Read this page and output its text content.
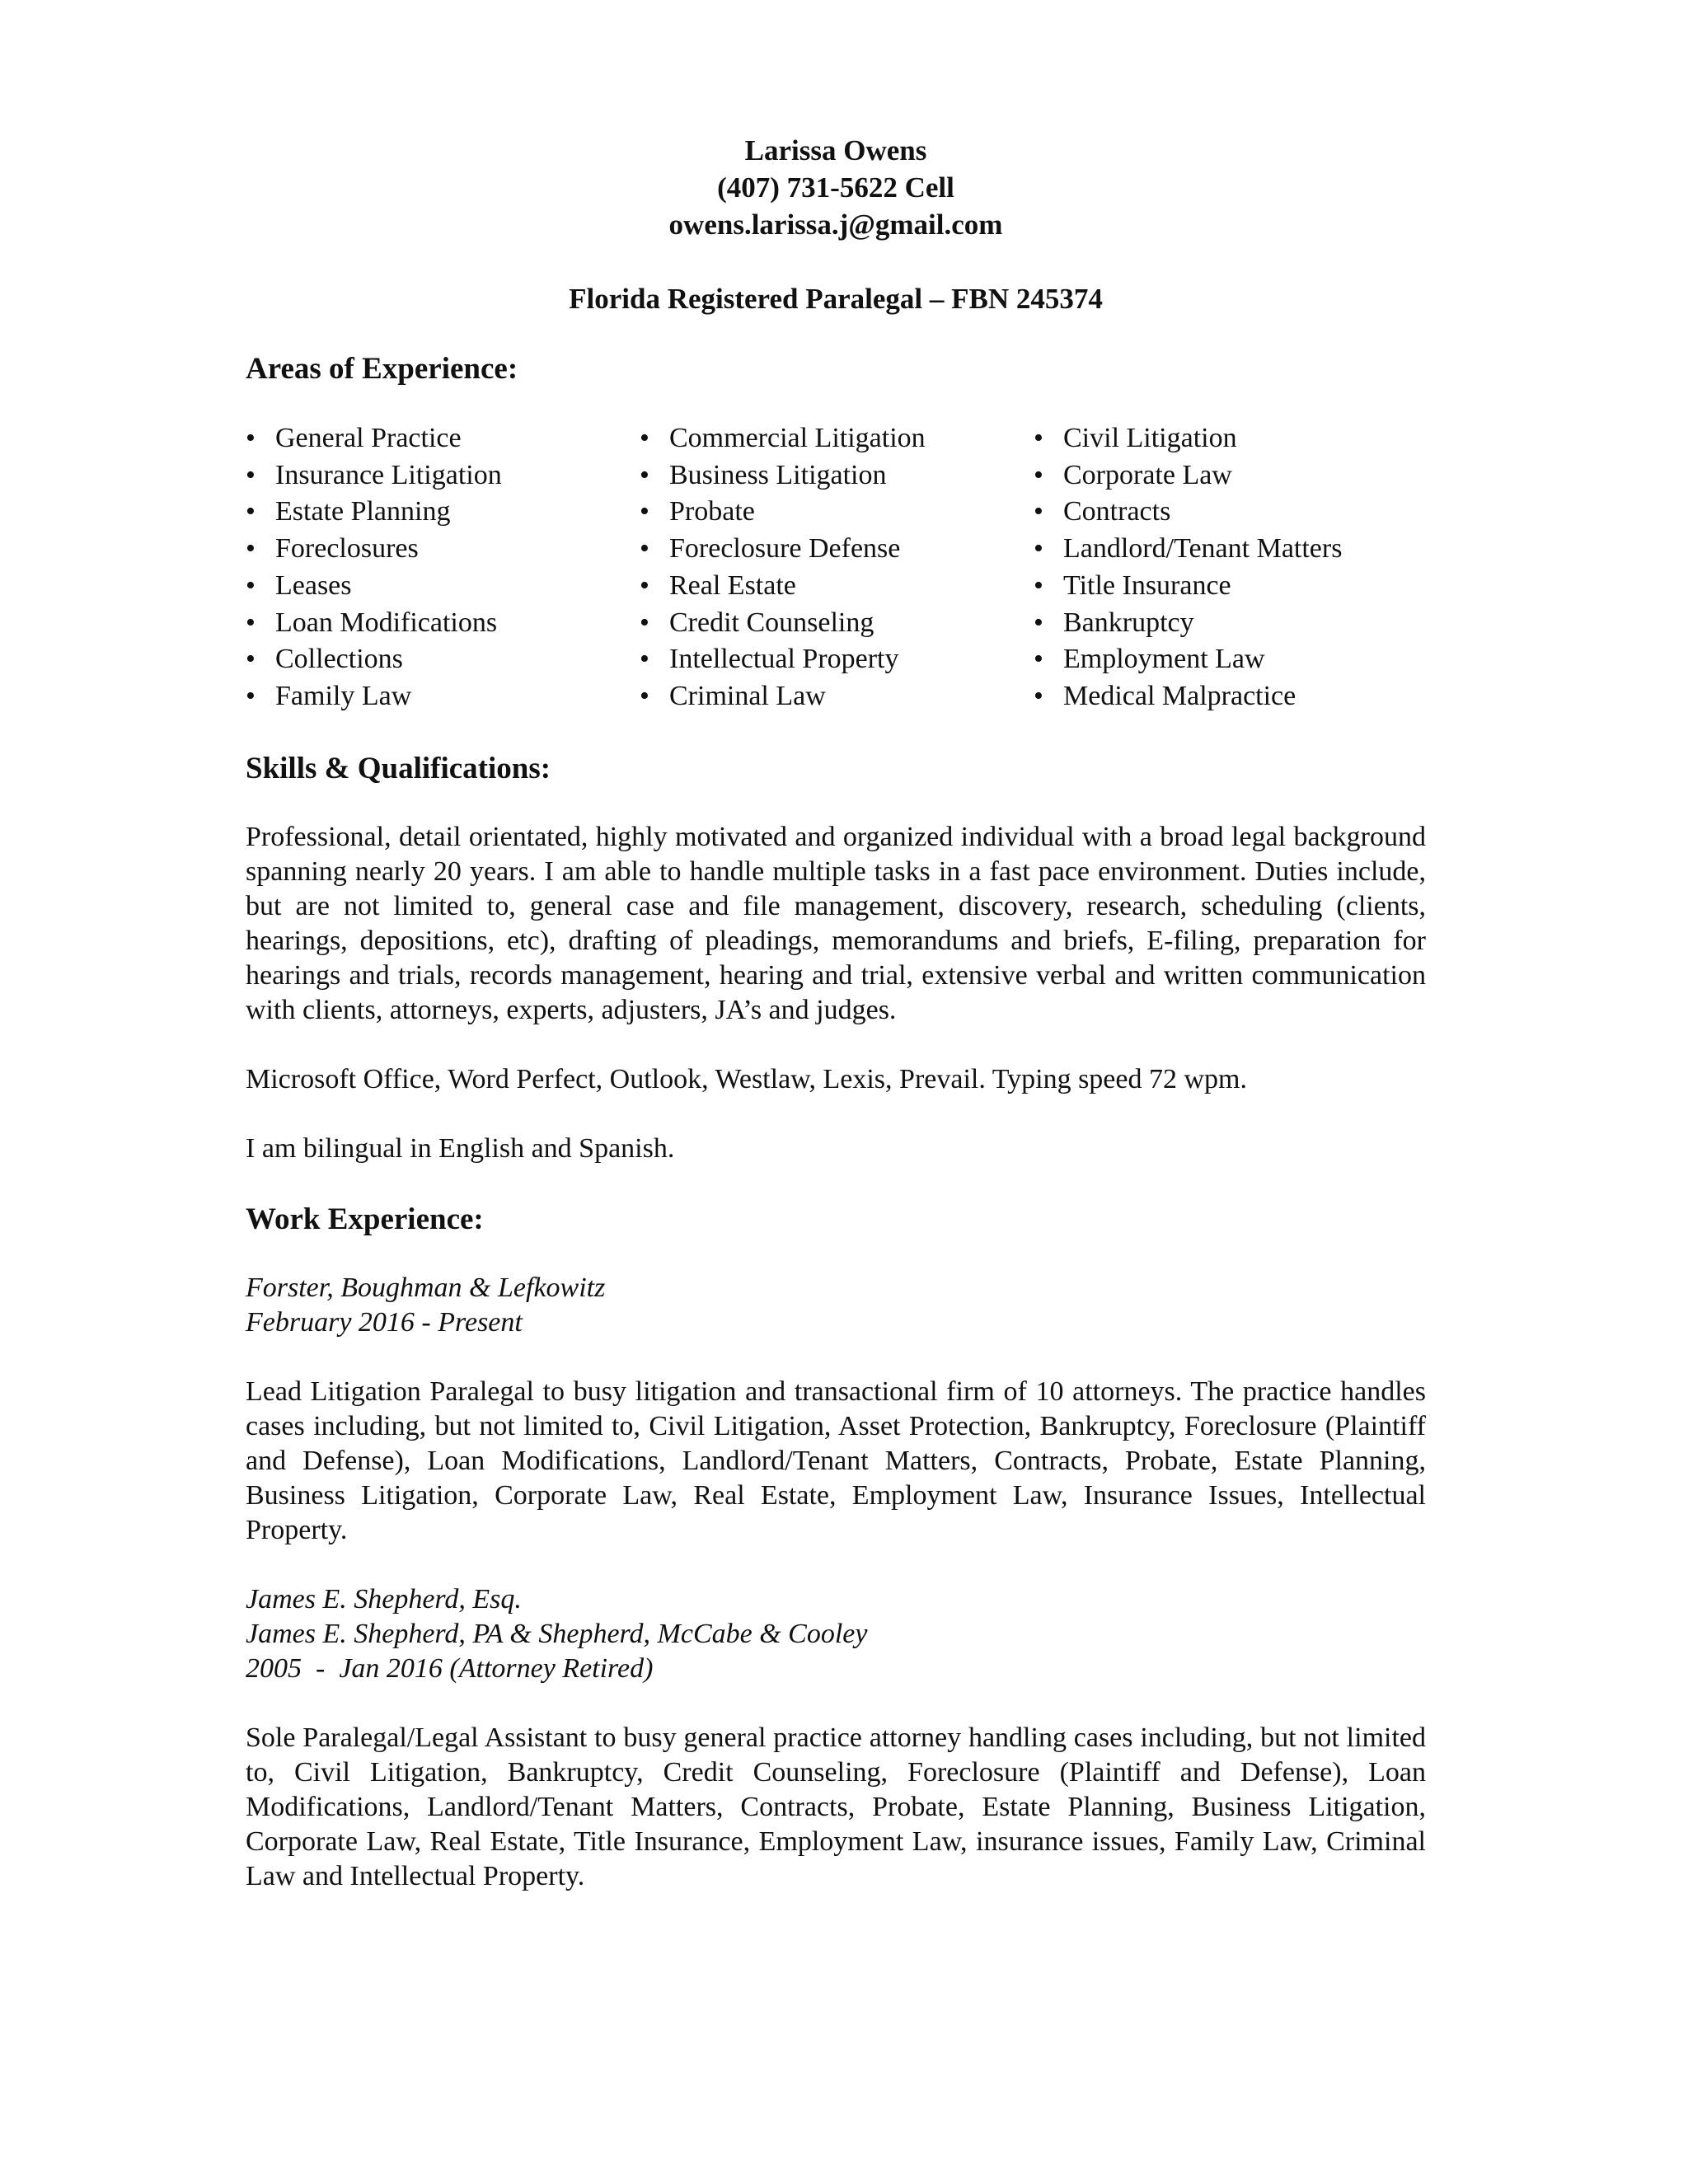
Larissa Owens
(407) 731-5622 Cell
owens.larissa.j@gmail.com
Florida Registered Paralegal – FBN 245374
Areas of Experience:
• General Practice
• Insurance Litigation
• Estate Planning
• Foreclosures
• Leases
• Loan Modifications
• Collections
• Family Law
• Commercial Litigation
• Business Litigation
• Probate
• Foreclosure Defense
• Real Estate
• Credit Counseling
• Intellectual Property
• Criminal Law
• Civil Litigation
• Corporate Law
• Contracts
• Landlord/Tenant Matters
• Title Insurance
• Bankruptcy
• Employment Law
• Medical Malpractice
Skills & Qualifications:

Professional, detail orientated, highly motivated and organized individual with a broad legal background spanning nearly 20 years. I am able to handle multiple tasks in a fast pace environment. Duties include, but are not limited to, general case and file management, discovery, research, scheduling (clients, hearings, depositions, etc), drafting of pleadings, memorandums and briefs, E-filing, preparation for hearings and trials, records management, hearing and trial, extensive verbal and written communication with clients, attorneys, experts, adjusters, JA’s and judges.

Microsoft Office, Word Perfect, Outlook, Westlaw, Lexis, Prevail. Typing speed 72 wpm.

I am bilingual in English and Spanish.

Work Experience:
Forster, Boughman & Lefkowitz
February 2016 - Present

Lead Litigation Paralegal to busy litigation and transactional firm of 10 attorneys. The practice handles cases including, but not limited to, Civil Litigation, Asset Protection, Bankruptcy, Foreclosure (Plaintiff and Defense), Loan Modifications, Landlord/Tenant Matters, Contracts, Probate, Estate Planning, Business Litigation, Corporate Law, Real Estate, Employment Law, Insurance Issues, Intellectual Property.

James E. Shepherd, Esq.
James E. Shepherd, PA & Shepherd, McCabe & Cooley
2005  -  Jan 2016 (Attorney Retired)

Sole Paralegal/Legal Assistant to busy general practice attorney handling cases including, but not limited to, Civil Litigation, Bankruptcy, Credit Counseling, Foreclosure (Plaintiff and Defense), Loan Modifications, Landlord/Tenant Matters, Contracts, Probate, Estate Planning, Business Litigation, Corporate Law, Real Estate, Title Insurance, Employment Law, insurance issues, Family Law, Criminal Law and Intellectual Property.
